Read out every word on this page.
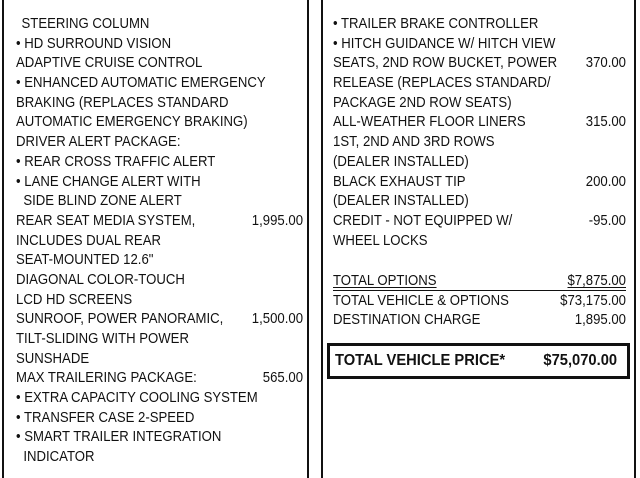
STEERING COLUMN
• HD SURROUND VISION
ADAPTIVE CRUISE CONTROL
• ENHANCED AUTOMATIC EMERGENCY
BRAKING (REPLACES STANDARD
AUTOMATIC EMERGENCY BRAKING)
DRIVER ALERT PACKAGE:
• REAR CROSS TRAFFIC ALERT
• LANE CHANGE ALERT WITH
SIDE BLIND ZONE ALERT
REAR SEAT MEDIA SYSTEM,	1,995.00
INCLUDES DUAL REAR
SEAT-MOUNTED 12.6"
DIAGONAL COLOR-TOUCH
LCD HD SCREENS
SUNROOF, POWER PANORAMIC, 1,500.00
TILT-SLIDING WITH POWER
SUNSHADE
MAX TRAILERING PACKAGE:	565.00
• EXTRA CAPACITY COOLING SYSTEM
• TRANSFER CASE 2-SPEED
• SMART TRAILER INTEGRATION
INDICATOR
• TRAILER BRAKE CONTROLLER
• HITCH GUIDANCE W/ HITCH VIEW
SEATS, 2ND ROW BUCKET, POWER 370.00
RELEASE (REPLACES STANDARD/
PACKAGE 2ND ROW SEATS)
ALL-WEATHER FLOOR LINERS	315.00
1ST, 2ND AND 3RD ROWS
(DEALER INSTALLED)
BLACK EXHAUST TIP	200.00
(DEALER INSTALLED)
CREDIT - NOT EQUIPPED W/	-95.00
WHEEL LOCKS
TOTAL OPTIONS	$7,875.00
TOTAL VEHICLE & OPTIONS	$73,175.00
DESTINATION CHARGE	1,895.00
TOTAL VEHICLE PRICE* $75,070.00
